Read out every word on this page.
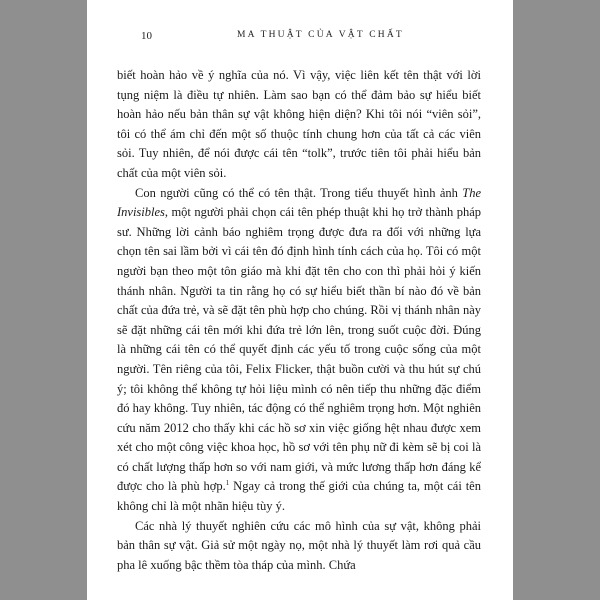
10	MA THUẬT CỦA VẬT CHẤT

biết hoàn hảo về ý nghĩa của nó. Vì vậy, việc liên kết tên thật với lời tụng niệm là điều tự nhiên. Làm sao bạn có thể đảm bảo sự hiểu biết hoàn hảo nếu bản thân sự vật không hiện diện? Khi tôi nói “viên sỏi”, tôi có thể ám chỉ đến một số thuộc tính chung hơn của tất cả các viên sỏi. Tuy nhiên, để nói được cái tên “tolk”, trước tiên tôi phải hiểu bản chất của một viên sỏi.

Con người cũng có thể có tên thật. Trong tiểu thuyết hình ảnh The Invisibles, một người phải chọn cái tên phép thuật khi họ trở thành pháp sư. Những lời cảnh báo nghiêm trọng được đưa ra đối với những lựa chọn tên sai lầm bởi vì cái tên đó định hình tính cách của họ. Tôi có một người bạn theo một tôn giáo mà khi đặt tên cho con thì phải hỏi ý kiến thánh nhân. Người ta tin rằng họ có sự hiểu biết thần bí nào đó về bản chất của đứa trẻ, và sẽ đặt tên phù hợp cho chúng. Rồi vị thánh nhân này sẽ đặt những cái tên mới khi đứa trẻ lớn lên, trong suốt cuộc đời. Đúng là những cái tên có thể quyết định các yếu tố trong cuộc sống của một người. Tên riêng của tôi, Felix Flicker, thật buồn cười và thu hút sự chú ý; tôi không thể không tự hỏi liệu mình có nên tiếp thu những đặc điểm đó hay không. Tuy nhiên, tác động có thể nghiêm trọng hơn. Một nghiên cứu năm 2012 cho thấy khi các hồ sơ xin việc giống hệt nhau được xem xét cho một công việc khoa học, hồ sơ với tên phụ nữ đi kèm sẽ bị coi là có chất lượng thấp hơn so với nam giới, và mức lương thấp hơn đáng kể được cho là phù hợp.$^1$ Ngay cả trong thế giới của chúng ta, một cái tên không chỉ là một nhãn hiệu tùy ý.

Các nhà lý thuyết nghiên cứu các mô hình của sự vật, không phải bản thân sự vật. Giả sử một ngày nọ, một nhà lý thuyết làm rơi quả cầu pha lê xuống bậc thềm tòa tháp của mình. Chứa
